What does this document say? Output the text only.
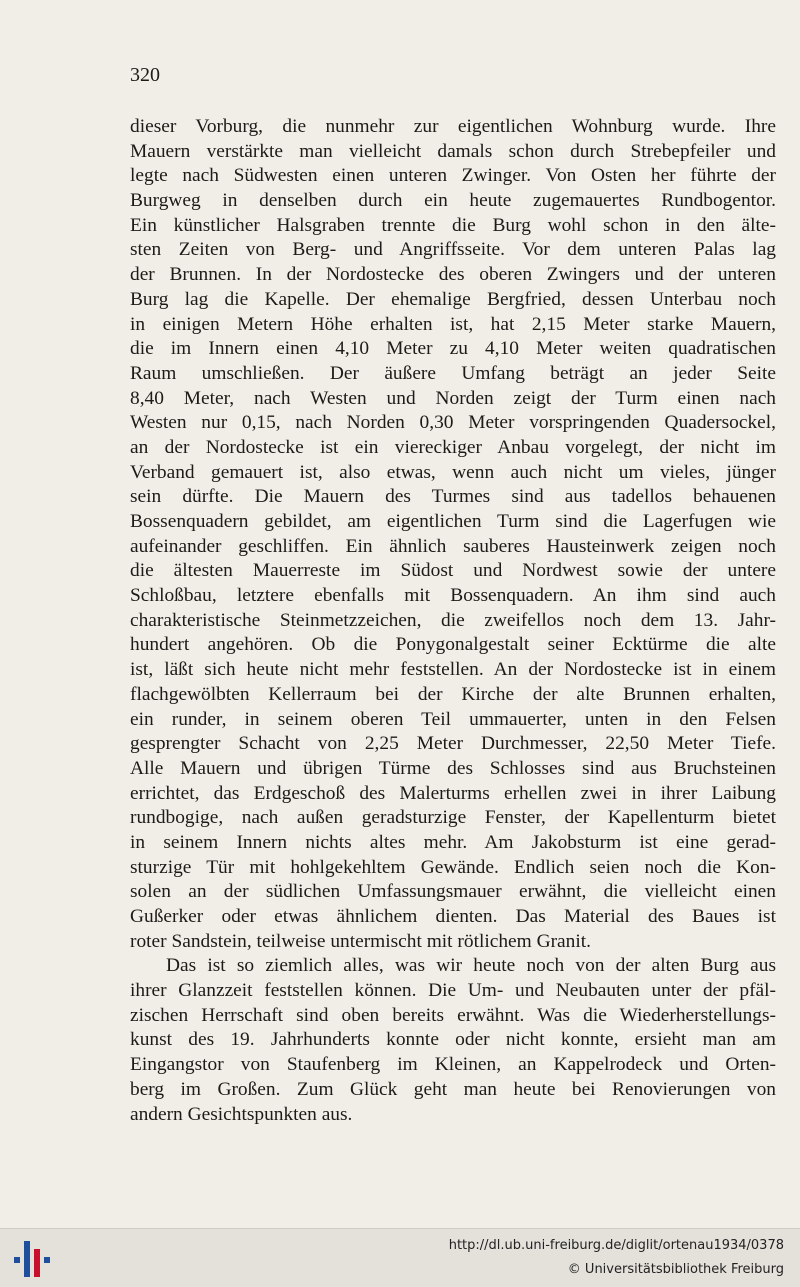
320
dieser Vorburg, die nunmehr zur eigentlichen Wohnburg wurde. Ihre
Mauern verstärkte man vielleicht damals schon durch Strebepfeiler und
legte nach Südwesten einen unteren Zwinger. Von Osten her führte der
Burgweg in denselben durch ein heute zugemauertes Rundbogentor.
Ein künstlicher Halsgraben trennte die Burg wohl schon in den älte-
sten Zeiten von Berg- und Angriffsseite. Vor dem unteren Palas lag
der Brunnen. In der Nordostecke des oberen Zwingers und der unteren
Burg lag die Kapelle. Der ehemalige Bergfried, dessen Unterbau noch
in einigen Metern Höhe erhalten ist, hat 2,15 Meter starke Mauern,
die im Innern einen 4,10 Meter zu 4,10 Meter weiten quadratischen
Raum umschließen. Der äußere Umfang beträgt an jeder Seite
8,40 Meter, nach Westen und Norden zeigt der Turm einen nach
Westen nur 0,15, nach Norden 0,30 Meter vorspringenden Quadersockel,
an der Nordostecke ist ein viereckiger Anbau vorgelegt, der nicht im
Verband gemauert ist, also etwas, wenn auch nicht um vieles, jünger
sein dürfte. Die Mauern des Turmes sind aus tadellos behauenen
Bossenquadern gebildet, am eigentlichen Turm sind die Lagerfugen wie
aufeinander geschliffen. Ein ähnlich sauberes Hausteinwerk zeigen noch
die ältesten Mauerreste im Südost und Nordwest sowie der untere
Schloßbau, letztere ebenfalls mit Bossenquadern. An ihm sind auch
charakteristische Steinmetzzeichen, die zweifellos noch dem 13. Jahr-
hundert angehören. Ob die Ponygonalgestalt seiner Ecktürme die alte
ist, läßt sich heute nicht mehr feststellen. An der Nordostecke ist in einem
flachgewölbten Kellerraum bei der Kirche der alte Brunnen erhalten,
ein runder, in seinem oberen Teil ummauerter, unten in den Felsen
gesprengter Schacht von 2,25 Meter Durchmesser, 22,50 Meter Tiefe.
Alle Mauern und übrigen Türme des Schlosses sind aus Bruchsteinen
errichtet, das Erdgeschoß des Malerturms erhellen zwei in ihrer Laibung
rundbogige, nach außen geradsturzige Fenster, der Kapellenturm bietet
in seinem Innern nichts altes mehr. Am Jakobsturm ist eine gerad-
sturzige Tür mit hohlgekehltem Gewände. Endlich seien noch die Kon-
solen an der südlichen Umfassungsmauer erwähnt, die vielleicht einen
Gußerker oder etwas ähnlichem dienten. Das Material des Baues ist
roter Sandstein, teilweise untermischt mit rötlichem Granit.
Das ist so ziemlich alles, was wir heute noch von der alten Burg aus
ihrer Glanzzeit feststellen können. Die Um- und Neubauten unter der pfäl-
zischen Herrschaft sind oben bereits erwähnt. Was die Wiederherstellungs-
kunst des 19. Jahrhunderts konnte oder nicht konnte, ersieht man am
Eingangstor von Staufenberg im Kleinen, an Kappelrodeck und Orten-
berg im Großen. Zum Glück geht man heute bei Renovierungen von
andern Gesichtspunkten aus.
http://dl.ub.uni-freiburg.de/diglit/ortenau1934/0378
© Universitätsbibliothek Freiburg
